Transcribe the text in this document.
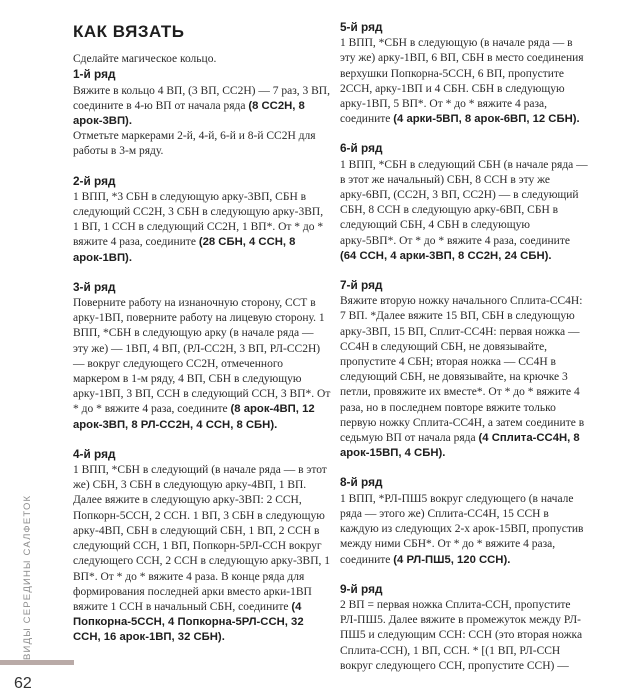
КАК ВЯЗАТЬ

Сделайте магическое кольцо.

1-й ряд

Вяжите в кольцо 4 ВП, (3 ВП, СС2Н) — 7 раз, 3 ВП, соедините в 4-ю ВП от начала ряда (8 СС2Н, 8 арок-3ВП).

Отметьте маркерами 2-й, 4-й, 6-й и 8-й СС2Н для работы в 3-м ряду.

2-й ряд

1 ВПП, *3 СБН в следующую арку-3ВП, СБН в следующий СС2Н, 3 СБН в следующую арку-3ВП, 1 ВП, 1 ССН в следующий СС2Н, 1 ВП*. От * до * вяжите 4 раза, соедините (28 СБН, 4 ССН, 8 арок-1ВП).

3-й ряд

Поверните работу на изнаночную сторону, ССТ в арку-1ВП, поверните работу на лицевую сторону. 1 ВПП, *СБН в следующую арку (в начале ряда — эту же) — 1ВП, 4 ВП, (РЛ-СС2Н, 3 ВП, РЛ-СС2Н) — вокруг следующего СС2Н, отмеченного маркером в 1-м ряду, 4 ВП, СБН в следующую арку-1ВП, 3 ВП, ССН в следующий ССН, 3 ВП*. От * до * вяжите 4 раза, соедините (8 арок-4ВП, 12 арок-3ВП, 8 РЛ-СС2Н, 4 ССН, 8 СБН).

4-й ряд

1 ВПП, *СБН в следующий (в начале ряда — в этот же) СБН, 3 СБН в следующую арку-4ВП, 1 ВП. Далее вяжите в следующую арку-3ВП: 2 ССН, Попкорн-5ССН, 2 ССН. 1 ВП, 3 СБН в следующую арку-4ВП, СБН в следующий СБН, 1 ВП, 2 ССН в следующий ССН, 1 ВП, Попкорн-5РЛ-ССН вокруг следующего ССН, 2 ССН в следующую арку-3ВП, 1 ВП*. От * до * вяжите 4 раза. В конце ряда для формирования последней арки вместо арки-1ВП вяжите 1 ССН в начальный СБН, соедините (4 Попкорна-5ССН, 4 Попкорна-5РЛ-ССН, 32 ССН, 16 арок-1ВП, 32 СБН).

5-й ряд

1 ВПП, *СБН в следующую (в начале ряда — в эту же) арку-1ВП, 6 ВП, СБН в место соединения верхушки Попкорна-5ССН, 6 ВП, пропустите 2ССН, арку-1ВП и 4 СБН. СБН в следующую арку-1ВП, 5 ВП*. От * до * вяжите 4 раза, соедините (4 арки-5ВП, 8 арок-6ВП, 12 СБН).

6-й ряд

1 ВПП, *СБН в следующий СБН (в начале ряда — в этот же начальный) СБН, 8 ССН в эту же арку-6ВП, (СС2Н, 3 ВП, СС2Н) — в следующий СБН, 8 ССН в следующую арку-6ВП, СБН в следующий СБН, 4 СБН в следующую арку-5ВП*. От * до * вяжите 4 раза, соедините (64 ССН, 4 арки-3ВП, 8 СС2Н, 24 СБН).

7-й ряд

Вяжите вторую ножку начального Сплита-СС4Н: 7 ВП. *Далее вяжите 15 ВП, СБН в следующую арку-3ВП, 15 ВП, Сплит-СС4Н: первая ножка — СС4Н в следующий СБН, не довязывайте, пропустите 4 СБН; вторая ножка — СС4Н в следующий СБН, не довязывайте, на крючке 3 петли, провяжите их вместе*. От * до * вяжите 4 раза, но в последнем повторе вяжите только первую ножку Сплита-СС4Н, а затем соедините в седьмую ВП от начала ряда (4 Сплита-СС4Н, 8 арок-15ВП, 4 СБН).

8-й ряд

1 ВПП, *РЛ-ПШ5 вокруг следующего (в начале ряда — этого же) Сплита-СС4Н, 15 ССН в каждую из следующих 2-х арок-15ВП, пропустив между ними СБН*. От * до * вяжите 4 раза, соедините (4 РЛ-ПШ5, 120 ССН).

9-й ряд

2 ВП = первая ножка Сплита-ССН, пропустите РЛ-ПШ5. Далее вяжите в промежуток между РЛ-ПШ5 и следующим ССН: ССН (это вторая ножка Сплита-ССН), 1 ВП, ССН. * [(1 ВП, РЛ-ССН вокруг следующего ССН, пропустите ССН) —

ВИДЫ СЕРЕДИНЫ САЛФЕТОК
62
